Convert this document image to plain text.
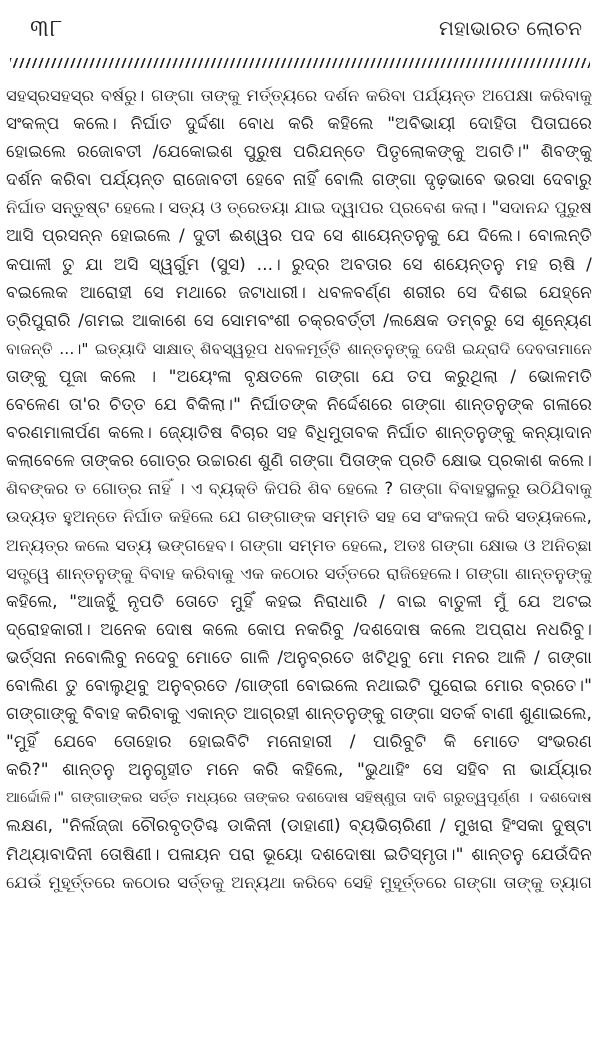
୩୮	ମହାଭାରତ ଲୋଚନ
ସହସ୍ରସହସ୍ର ବର୍ଷରୁ। ଗଙ୍ଗା ତାଙ୍କୁ ମର୍ତ୍ତ୍ୟରେ ଦର୍ଶନ କରିବା ପର୍ଯ୍ୟନ୍ତ ଅପେକ୍ଷା କରିବାକୁ
ସଂକଳ୍ପ କଲେ। ନିର୍ଘାତ ଦୁର୍ଦ୍ଦଶା ବୋଧ କରି କହିଲେ "ଅବିଭାୟୀ ଦୋହିତା ପିତାଘରେ
ହୋଇଲେ ରଜୋବତୀ /ଯେକୋଇଶ ପୁରୁଷ ପରିଯନ୍ତେ ପିତୃଲୋକଙ୍କୁ ଅଗତି।" ଶିବଙ୍କୁ
ଦର୍ଶନ କରିବା ପର୍ଯ୍ୟନ୍ତ ରାଜୋବତୀ ହେବେ ନାହିଁ ବୋଲି ଗଙ୍ଗା ଦୃଢ଼ଭାବେ ଭରସା ଦେବାରୁ
ନିର୍ଘାତ ସନ୍ତୁଷ୍ଟ ହେଲେ। ସତ୍ୟ ଓ ତ୍ରେତୟା ଯାଇ ଦ୍ୱାପର ପ୍ରବେଶ କଲା। "ସଦାନନ୍ଦ ପୁରୁଷ
ଆସି ପ୍ରସନ୍ନ ହୋଇଲେ / ଦୁତୀ ଈଶ୍ୱର ପଦ ସେ ଶାୟେନ୍ତନୁକୁ ଯେ ଦିଲେ। ବୋଲନ୍ତି
କପାଳୀ ତୁ ଯା ଅସି ସ୍ୱର୍ଗୁମ (ସୁସ) ...। ରୁଦ୍ର ଅବତାର ସେ ଶୟେନ୍ତନୁ ମହ ଋଷି /
ବଇଲେକ ଆରୋହୀ ସେ ମଥାରେ ଜଟାଧାରୀ। ଧବଳବର୍ଣ୍ଣ ଶରୀର ସେ ଦିଶଇ ଯେହ୍ନେ
ତ୍ରିପୁରାରି /ଗମଇ ଆକାଶେ ସେ ସୋମବଂଶୀ ଚକ୍ରବର୍ତ୍ତୀ /ଲକ୍ଷେକ ଡମ୍ବରୁ ସେ ଶୂନ୍ୟେଣ
ବାଜନ୍ତି ...।" ଇତ୍ୟାଦି ସାକ୍ଷାତ୍ ଶିବସ୍ୱରୂପ ଧବଳମୂର୍ତ୍ତି ଶାନ୍ତନୁଙ୍କୁ ଦେଖି ଇନ୍ଦ୍ରାଦି ଦେବତାମାନେ
ତାଙ୍କୁ ପୂଜା କଲେ । "ଅୟେଂଳା ବୃକ୍ଷତଳେ ଗଙ୍ଗା ଯେ ତପ କରୁଥିଲା / ଭୋଳମତି
ବେଳେଣ ତା'ର ଚିତ୍ତ ଯେ ବିକିଲା।" ନିର୍ଘାତଙ୍କ ନିର୍ଦ୍ଦେଶରେ ଗଙ୍ଗା ଶାନ୍ତନୁଙ୍କ ଗଳାରେ
ବରଣମାଳାର୍ପଣ କଲେ। ଜ୍ୟୋତିଷ ବିଚାର ସହ ବିଧିମୁତାବକ ନିର୍ଘାତ ଶାନ୍ତନୁଙ୍କୁ କନ୍ୟାଦାନ
କଲାବେଳେ ତାଙ୍କର ଗୋତ୍ର ଉଚ୍ଚାରଣ ଶୁଣି ଗଙ୍ଗା ପିତାଙ୍କ ପ୍ରତି କ୍ଷୋଭ ପ୍ରକାଶ କଲେ।
ଶିବଙ୍କର ତ ଗୋତ୍ର ନାହିଁ । ଏ ବ୍ୟକ୍ତି କିପରି ଶିବ ହେଲେ ? ଗଙ୍ଗା ବିବାହସ୍ଥଳରୁ ଉଠିଯିବାକୁ
ଉଦ୍ୟତ ହୁଅନ୍ତେ ନିର୍ଘାତ କହିଲେ ଯେ ଗଙ୍ଗାଙ୍କ ସମ୍ମତି ସହ ସେ ସଂକଳ୍ପ କରି ସତ୍ୟକଲେ,
ଅନ୍ୟତ୍ର କଲେ ସତ୍ୟ ଭଙ୍ଗହେବ। ଗଙ୍ଗା ସମ୍ମତ ହେଲେ, ଅତଃ ଗଙ୍ଗା କ୍ଷୋଭ ଓ ଅନିଚ୍ଛା
ସତ୍ତ୍ୱେ ଶାନ୍ତନୁଙ୍କୁ ବିବାହ କରିବାକୁ ଏକ କଠୋର ସର୍ତ୍ତରେ ରାଜିହେଲେ। ଗଙ୍ଗା ଶାନ୍ତନୁଙ୍କୁ
କହିଲେ, "ଆଜହୁଁ ନୃପତି ତୋତେ ମୁହିଁ କହଇ ନିରାଧାରି / ବାଇ ବାତୁଳୀ ମୁଁ ଯେ ଅଟଇ
ଦ୍ରୋହକାରୀ। ଅନେକ ଦୋଷ କଲେ କୋପ ନକରିବୁ /ଦଶଦୋଷ କଲେ ଅପ୍ରାଧ ନଧରିବୁ।
ଭର୍ତ୍ସନା ନବୋଲିବୁ ନଦେବୁ ମୋତେ ଗାଳି /ଅନୁବ୍ରତେ ଖଟିଥିବୁ ମୋ ମନର ଆଳି / ଗଙ୍ଗା
ବୋଲିଣ ତୁ ବୋଲୁଥିବୁ ଅନୁବ୍ରତେ /ଗାଙ୍ଗୀ ବୋଇଲେ ନଥାଇଟି ପୁରୋଇ ମୋର ବ୍ରତେ।"
ଗଙ୍ଗାଙ୍କୁ ବିବାହ କରିବାକୁ ଏକାନ୍ତ ଆଗ୍ରହୀ ଶାନ୍ତନୁଙ୍କୁ ଗଙ୍ଗା ସତର୍କ ବାଣୀ ଶୁଣାଇଲେ,
"ମୁହିଁ ଯେବେ ତୋହୋର ହୋଇବିଟି ମନୋହାରୀ / ପାରିବୁଟି କି ମୋତେ ସଂଭରଣ
କରି?" ଶାନ୍ତନୁ ଅନୁଗୃହୀତ ମନେ କରି କହିଲେ, "ଭୁଥାହିଂ ସେ ସହିବ ନା ଭାର୍ଯ୍ୟାର
ଆର୍ଦ୍ଦୋଳି।" ଗଙ୍ଗାଙ୍କର ସର୍ତ୍ତ ମଧ୍ୟରେ ତାଙ୍କର ଦଶଦୋଷ ସହିଷ୍ଣୁତା ଦାବି ଗରୁତ୍ୱପୂର୍ଣ୍ଣ । ଦଶଦୋଷ
ଲକ୍ଷଣ, "ନିର୍ଲଜ୍ଜା ଚୌରବୃତ୍ତିଶ୍ଚ ଡାକିନୀ (ଡାହାଣୀ) ବ୍ୟଭିଚାରିଣୀ / ମୁଖରା ହିଂସକା ଦୁଷ୍ଟା
ମିଥ୍ୟାବାଦିନୀ ତୋଷିଣୀ। ପଳାୟନ ପରା ଭୂୟୋ ଦଶଦୋଷା ଇତିସ୍ମୃତା।" ଶାନ୍ତନୁ ଯେଉଁଦିନ
ଯେଉଁ ମୁହୂର୍ତ୍ତରେ କଠୋର ସର୍ତ୍ତକୁ ଅନ୍ୟଥା କରିବେ ସେହି ମୁହୂର୍ତ୍ତରେ ଗଙ୍ଗା ତାଙ୍କୁ ତ୍ୟାଗ
